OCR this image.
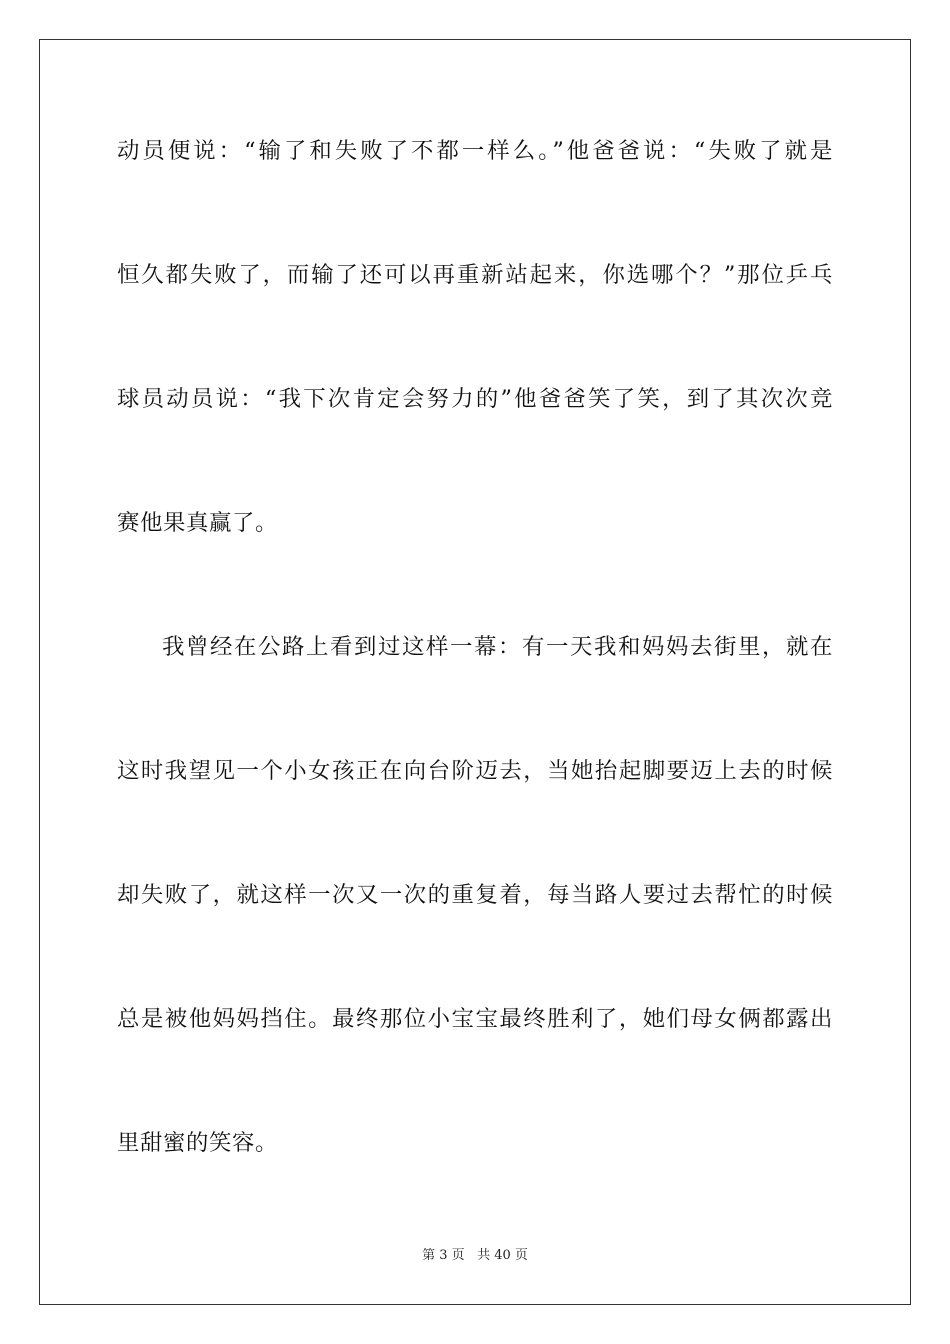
动员便说：“输了和失败了不都一样么。”他爸爸说：“失败了就是
恒久都失败了，而输了还可以再重新站起来，你选哪个？”那位乒乓
球员动员说：“我下次肯定会努力的”他爸爸笑了笑，到了其次次竞
赛他果真赢了。
我曾经在公路上看到过这样一幕：有一天我和妈妈去街里，就在
这时我望见一个小女孩正在向台阶迈去，当她抬起脚要迈上去的时候
却失败了，就这样一次又一次的重复着，每当路人要过去帮忙的时候
总是被他妈妈挡住。最终那位小宝宝最终胜利了，她们母女俩都露出
里甜蜜的笑容。
第 3 页 共 40 页
